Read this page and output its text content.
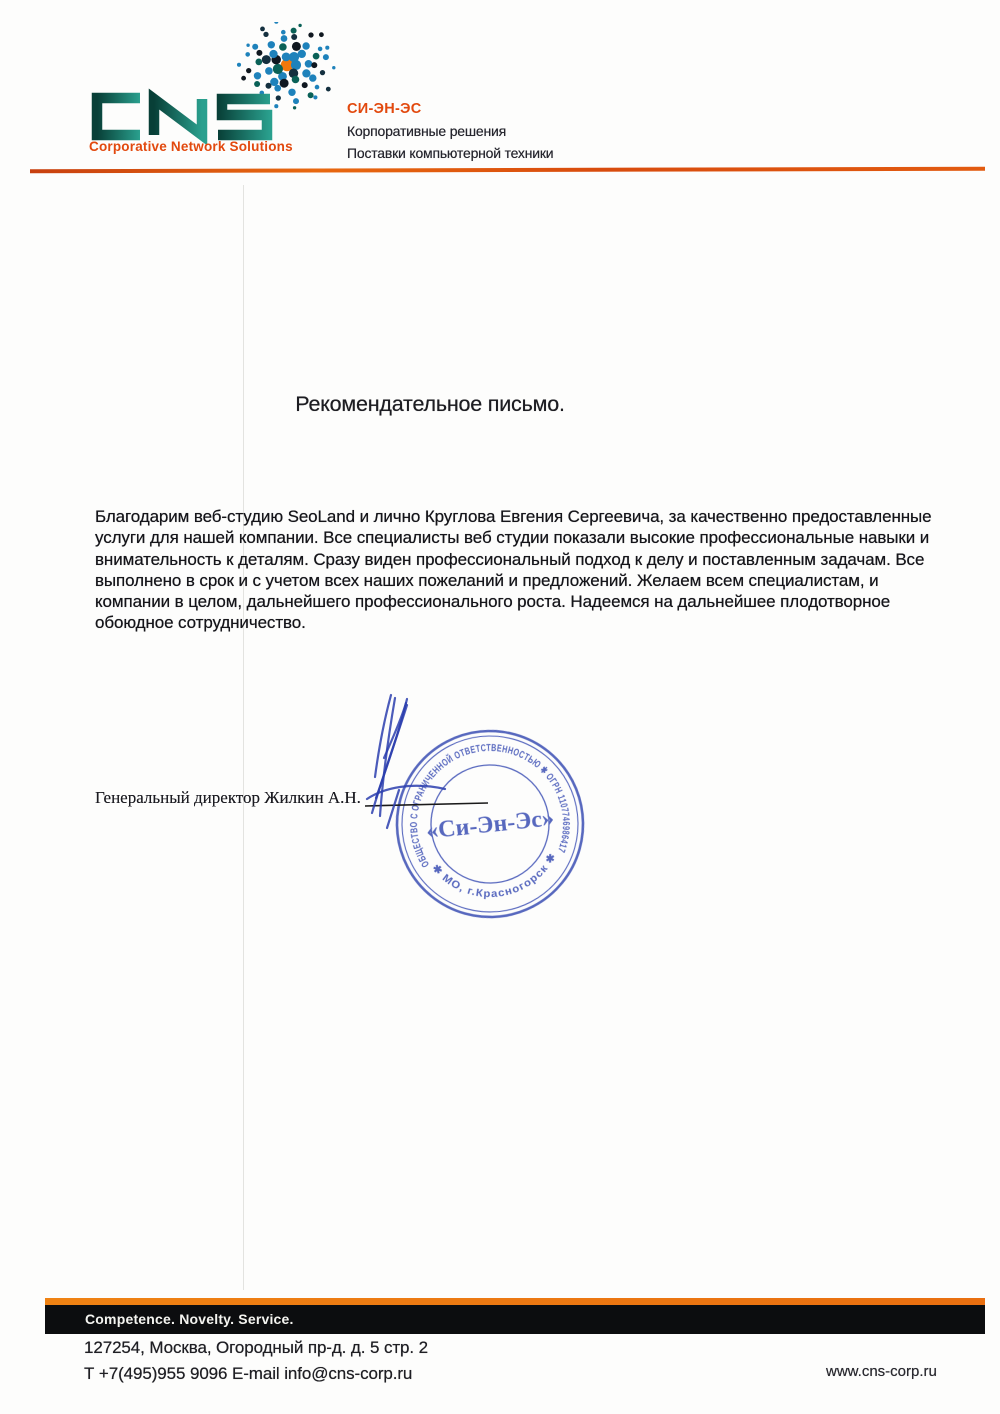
Corporative Network Solutions
СИ-ЭН-ЭС
Корпоративные решения
Поставки компьютерной техники
Рекомендательное письмо.
Благодарим веб-студию SeoLand и лично Круглова Евгения Сергеевича, за качественно предоставленные
услуги для нашей компании. Все специалисты веб студии показали высокие профессиональные навыки и
внимательность к деталям. Сразу виден профессиональный подход к делу и поставленным задачам. Все
выполнено в срок и с учетом всех наших пожеланий и предложений. Желаем всем специалистам, и
компании в целом, дальнейшего профессионального роста. Надеемся на дальнейшее плодотворное
обоюдное сотрудничество.
Генеральный директор Жилкин А.Н.
ОБЩЕСТВО С ОГРАНИЧЕННОЙ ОТВЕТСТВЕННОСТЬЮ ✱ ОГРН 1107746986417
✱ МО, г.Красногорск ✱
«Си-Эн-Эс»
Competence. Novelty. Service.
127254, Москва, Огородный пр-д. д. 5 стр. 2
Т +7(495)955 9096 E-mail info@cns-corp.ru	www.cns-corp.ru
